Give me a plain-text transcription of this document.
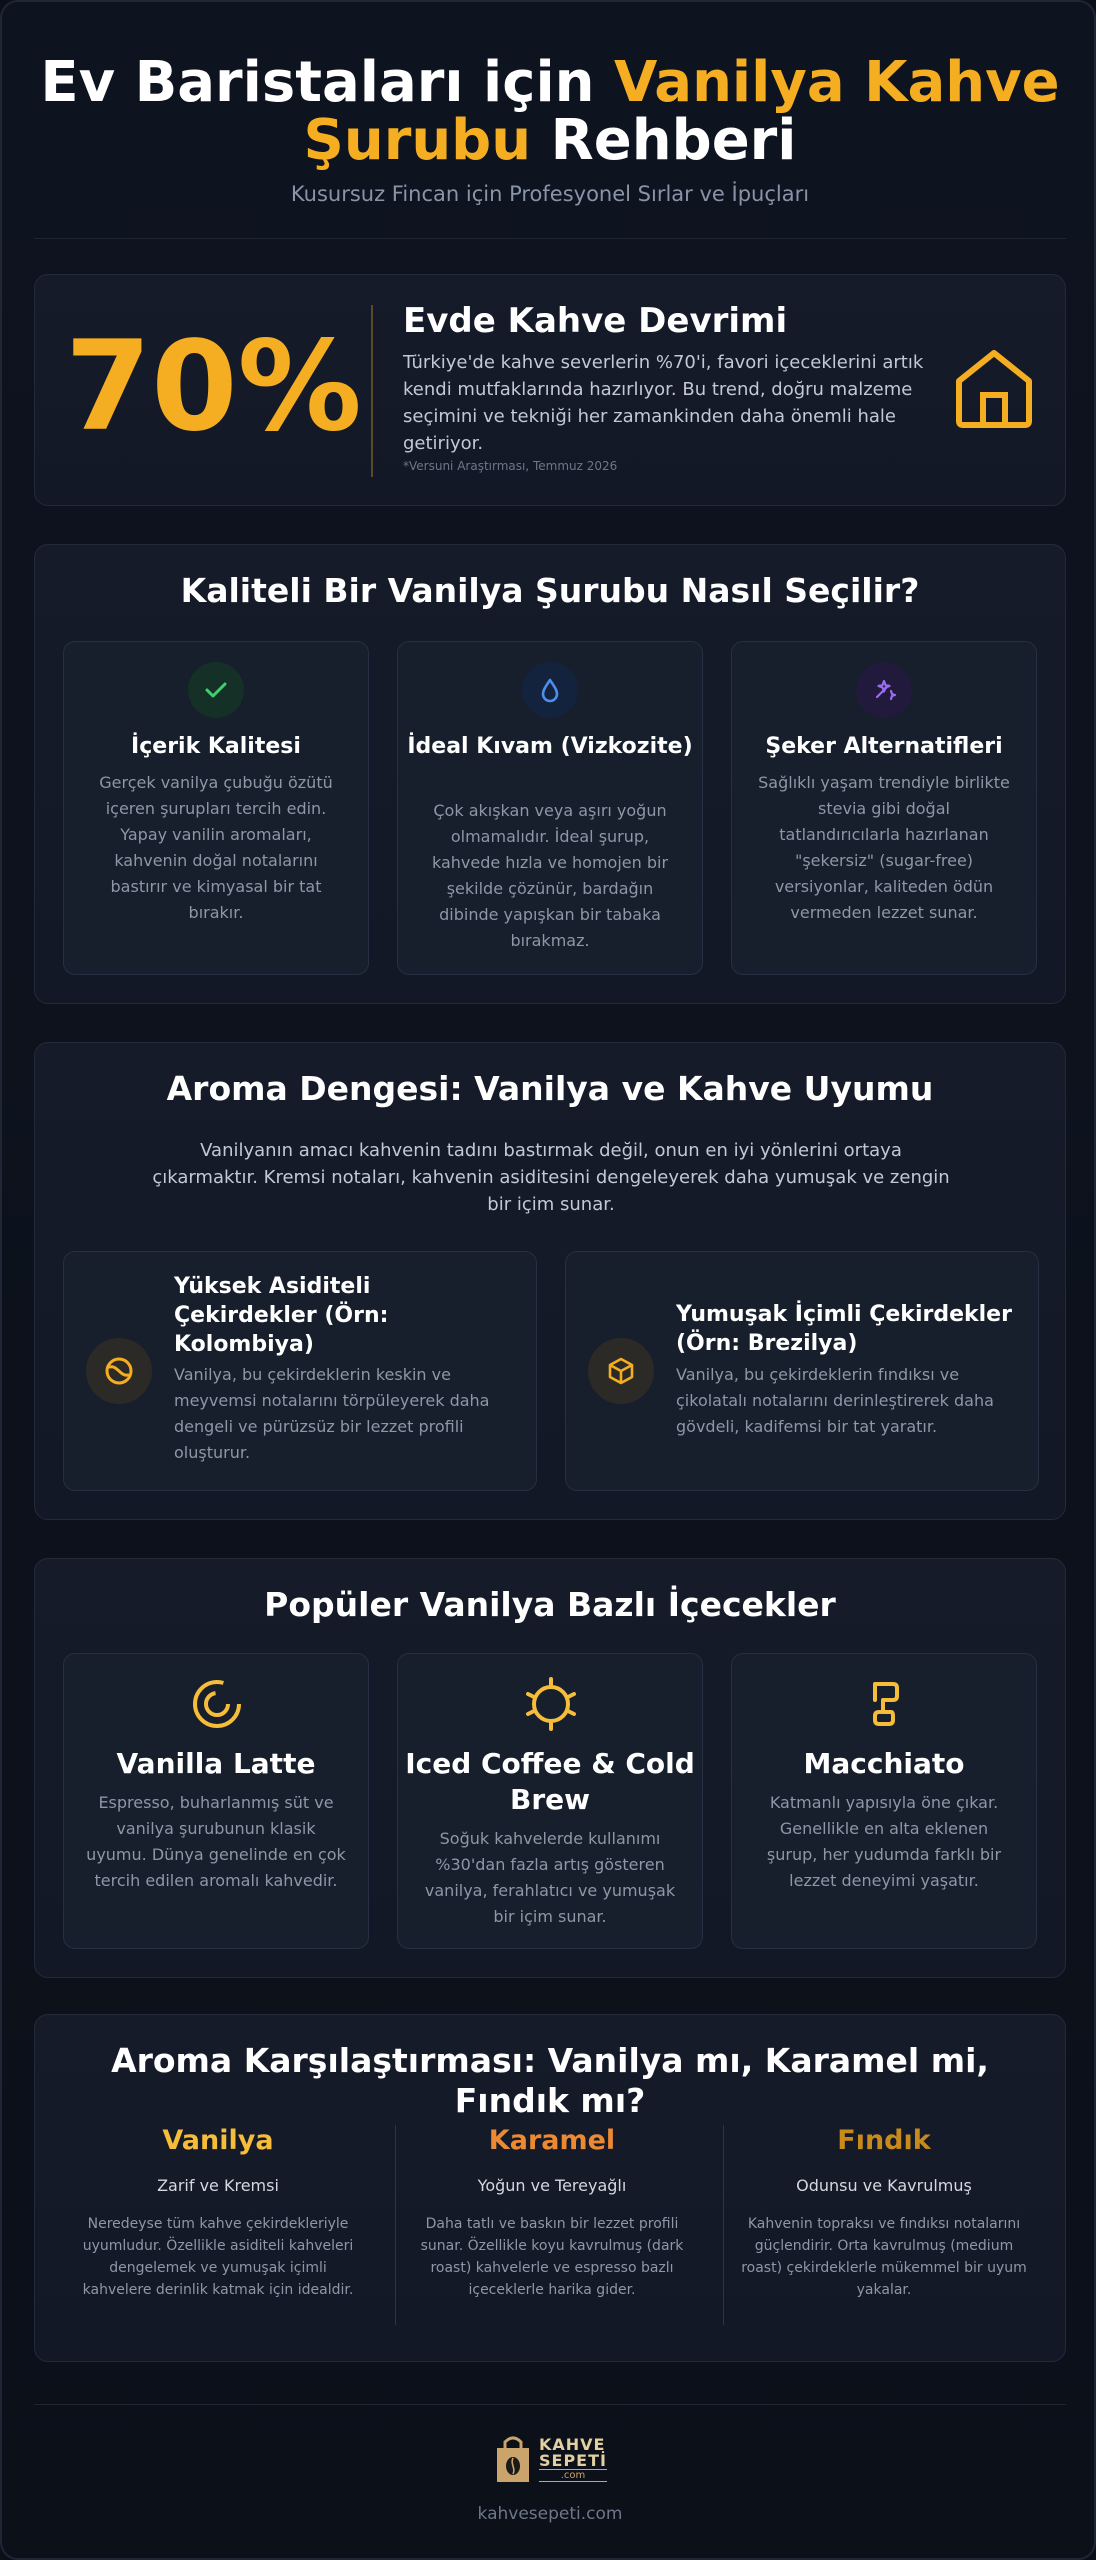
Ev Baristaları için Vanilya Kahve
Şurubu Rehberi
Kusursuz Fincan için Profesyonel Sırlar ve İpuçları
70% Evde Kahve Devrimi
Türkiye'de kahve severlerin %70'i, favori içeceklerini artık kendi mutfaklarında hazırlıyor. Bu trend, doğru malzeme seçimini ve tekniği her zamankinden daha önemli hale getiriyor.
*Versuni Araştırması, Temmuz 2026
Kaliteli Bir Vanilya Şurubu Nasıl Seçilir?
İçerik Kalitesi
Gerçek vanilya çubuğu özütü içeren şurupları tercih edin. Yapay vanilin aromaları, kahvenin doğal notalarını bastırır ve kimyasal bir tat bırakır.
İdeal Kıvam (Vizkozite)
Çok akışkan veya aşırı yoğun olmamalıdır. İdeal şurup, kahvede hızla ve homojen bir şekilde çözünür, bardağın dibinde yapışkan bir tabaka bırakmaz.
Şeker Alternatifleri
Sağlıklı yaşam trendiyle birlikte stevia gibi doğal tatlandırıcılarla hazırlanan "şekersiz" (sugar-free) versiyonlar, kaliteden ödün vermeden lezzet sunar.
Aroma Dengesi: Vanilya ve Kahve Uyumu
Vanilyanın amacı kahvenin tadını bastırmak değil, onun en iyi yönlerini ortaya çıkarmaktır. Kremsi notaları, kahvenin asiditesini dengeleyerek daha yumuşak ve zengin bir içim sunar.
Yüksek Asiditeli Çekirdekler (Örn: Kolombiya)
Vanilya, bu çekirdeklerin keskin ve meyvemsi notalarını törpüleyerek daha dengeli ve pürüzsüz bir lezzet profili oluşturur.
Yumuşak İçimli Çekirdekler (Örn: Brezilya)
Vanilya, bu çekirdeklerin fındıksı ve çikolatalı notalarını derinleştirerek daha gövdeli, kadifemsi bir tat yaratır.
Popüler Vanilya Bazlı İçecekler
Vanilla Latte
Espresso, buharlanmış süt ve vanilya şurubunun klasik uyumu. Dünya genelinde en çok tercih edilen aromalı kahvedir.
Iced Coffee & Cold Brew
Soğuk kahvelerde kullanımı %30'dan fazla artış gösteren vanilya, ferahlatıcı ve yumuşak bir içim sunar.
Macchiato
Katmanlı yapısıyla öne çıkar. Genellikle en alta eklenen şurup, her yudumda farklı bir lezzet deneyimi yaşatır.
Aroma Karşılaştırması: Vanilya mı, Karamel mi, Fındık mı?
Vanilya
Zarif ve Kremsi
Neredeyse tüm kahve çekirdekleriyle uyumludur. Özellikle asiditeli kahveleri dengelemek ve yumuşak içimli kahvelere derinlik katmak için idealdir.
Karamel
Yoğun ve Tereyağlı
Daha tatlı ve baskın bir lezzet profili sunar. Özellikle koyu kavrulmuş (dark roast) kahvelerle ve espresso bazlı içeceklerle harika gider.
Fındık
Odunsu ve Kavrulmuş
Kahvenin topraksı ve fındıksı notalarını güçlendirir. Orta kavrulmuş (medium roast) çekirdeklerle mükemmel bir uyum yakalar.
KAHVE
SEPETİ
.com
kahvesepeti.com
